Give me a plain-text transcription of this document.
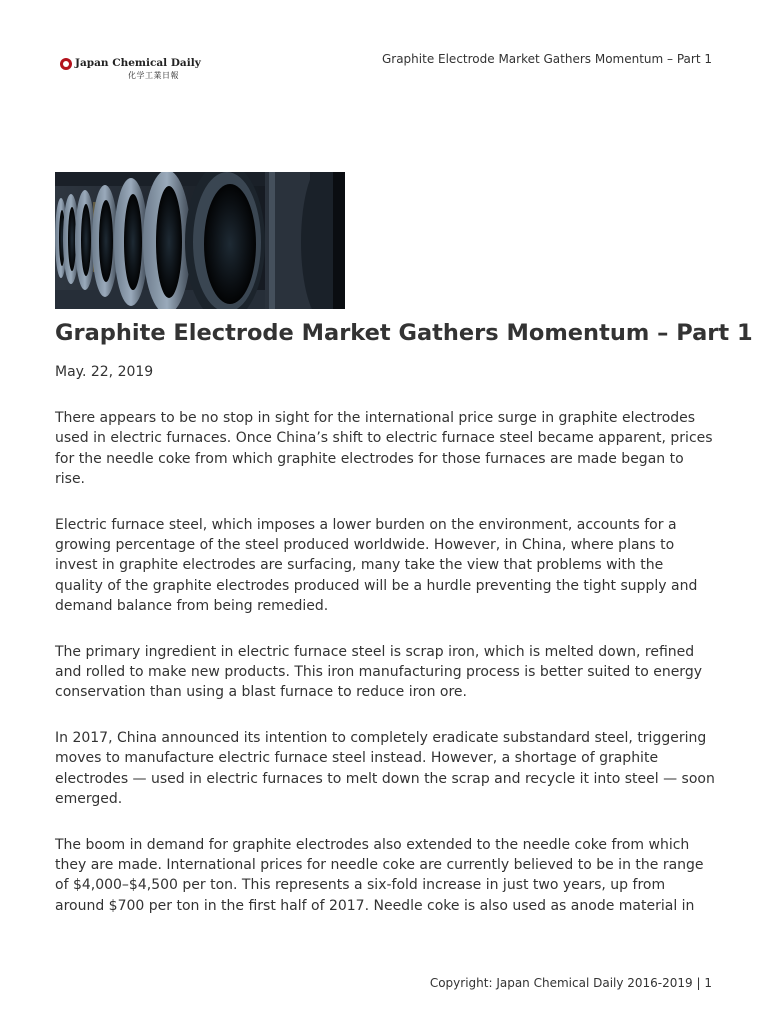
Japan Chemical Daily
化学工業日報
Graphite Electrode Market Gathers Momentum – Part 1
Graphite Electrode Market Gathers Momentum – Part 1
May. 22, 2019

There appears to be no stop in sight for the international price surge in graphite electrodes used in electric furnaces. Once China’s shift to electric furnace steel became apparent, prices for the needle coke from which graphite electrodes for those furnaces are made began to rise.

Electric furnace steel, which imposes a lower burden on the environment, accounts for a growing percentage of the steel produced worldwide. However, in China, where plans to invest in graphite electrodes are surfacing, many take the view that problems with the quality of the graphite electrodes produced will be a hurdle preventing the tight supply and demand balance from being remedied.

The primary ingredient in electric furnace steel is scrap iron, which is melted down, refined and rolled to make new products. This iron manufacturing process is better suited to energy conservation than using a blast furnace to reduce iron ore.

In 2017, China announced its intention to completely eradicate substandard steel, triggering moves to manufacture electric furnace steel instead. However, a shortage of graphite electrodes — used in electric furnaces to melt down the scrap and recycle it into steel — soon emerged.

The boom in demand for graphite electrodes also extended to the needle coke from which they are made. International prices for needle coke are currently believed to be in the range of $4,000–$4,500 per ton. This represents a six-fold increase in just two years, up from around $700 per ton in the first half of 2017. Needle coke is also used as anode material in

Copyright: Japan Chemical Daily 2016-2019 | 1
